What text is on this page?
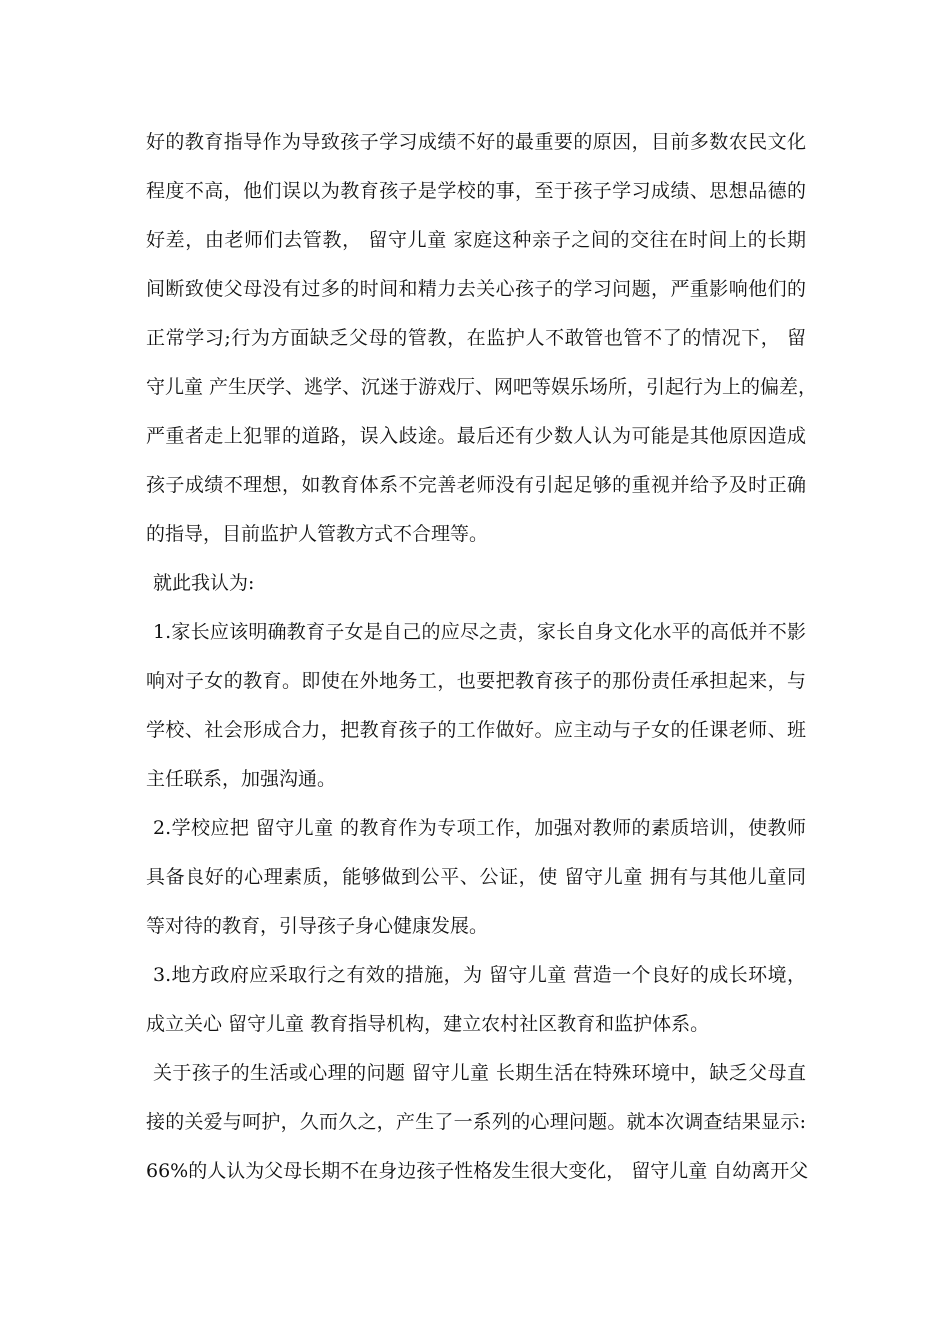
好的教育指导作为导致孩子学习成绩不好的最重要的原因，目前多数农民文化
程度不高，他们误以为教育孩子是学校的事，至于孩子学习成绩、思想品德的
好差，由老师们去管教， 留守儿童 家庭这种亲子之间的交往在时间上的长期
间断致使父母没有过多的时间和精力去关心孩子的学习问题，严重影响他们的
正常学习;行为方面缺乏父母的管教，在监护人不敢管也管不了的情况下， 留
守儿童 产生厌学、逃学、沉迷于游戏厅、网吧等娱乐场所，引起行为上的偏差，
严重者走上犯罪的道路，误入歧途。最后还有少数人认为可能是其他原因造成
孩子成绩不理想，如教育体系不完善老师没有引起足够的重视并给予及时正确
的指导，目前监护人管教方式不合理等。
就此我认为:
1.家长应该明确教育子女是自己的应尽之责，家长自身文化水平的高低并不影
响对子女的教育。即使在外地务工，也要把教育孩子的那份责任承担起来，与
学校、社会形成合力，把教育孩子的工作做好。应主动与子女的任课老师、班
主任联系，加强沟通。
2.学校应把 留守儿童 的教育作为专项工作，加强对教师的素质培训，使教师
具备良好的心理素质，能够做到公平、公证，使 留守儿童 拥有与其他儿童同
等对待的教育，引导孩子身心健康发展。
3.地方政府应采取行之有效的措施，为 留守儿童 营造一个良好的成长环境，
成立关心 留守儿童 教育指导机构，建立农村社区教育和监护体系。
关于孩子的生活或心理的问题 留守儿童 长期生活在特殊环境中，缺乏父母直
接的关爱与呵护，久而久之，产生了一系列的心理问题。就本次调查结果显示:
66%的人认为父母长期不在身边孩子性格发生很大变化， 留守儿童 自幼离开父
